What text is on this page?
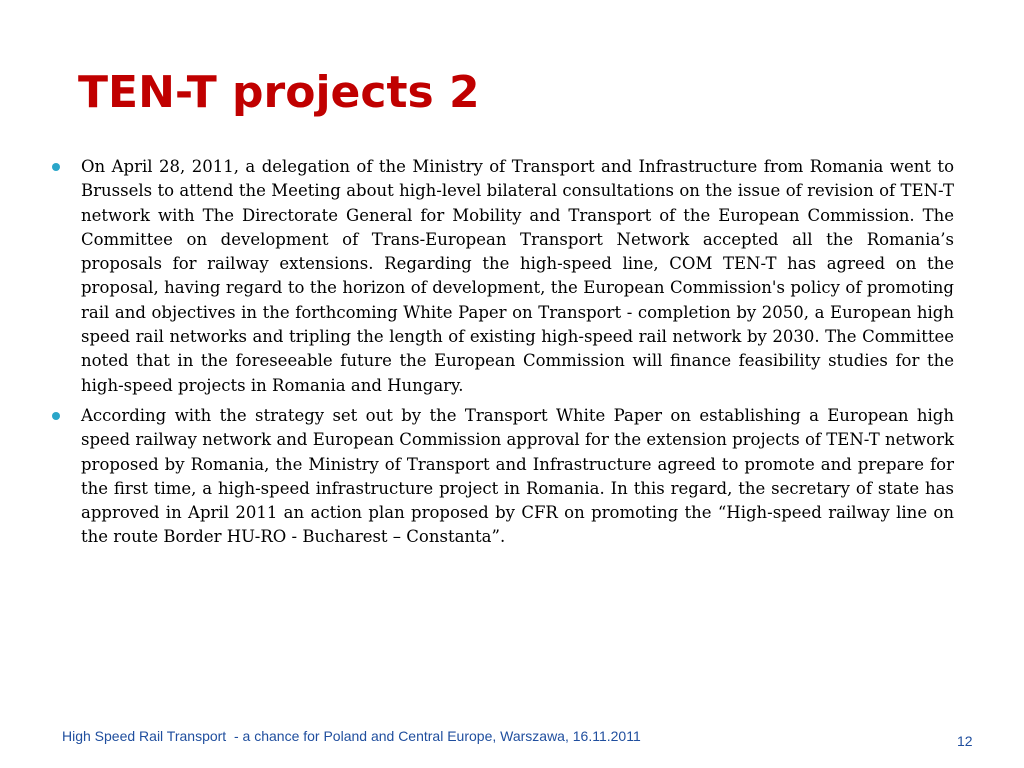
TEN-T projects 2
On April 28, 2011, a delegation of the Ministry of Transport and Infrastructure from Romania went to Brussels to attend the Meeting about high-level bilateral consultations on the issue of revision of TEN-T network with The Directorate General for Mobility and Transport of the European Commission. The Committee on development of Trans-European Transport Network accepted all the Romania’s proposals for railway extensions. Regarding the high-speed line, COM TEN-T has agreed on the proposal, having regard to the horizon of development, the European Commission's policy of promoting rail and objectives in the forthcoming White Paper on Transport - completion by 2050, a European high speed rail networks and tripling the length of existing high-speed rail network by 2030. The Committee noted that in the foreseeable future the European Commission will finance feasibility studies for the high-speed projects in Romania and Hungary.
According with the strategy set out by the Transport White Paper on establishing a European high speed railway network and European Commission approval for the extension projects of TEN-T network proposed by Romania, the Ministry of Transport and Infrastructure agreed to promote and prepare for the first time, a high-speed infrastructure project in Romania. In this regard, the secretary of state has approved in April 2011 an action plan proposed by CFR on promoting the “High-speed railway line on the route Border HU-RO - Bucharest – Constanta”.
High Speed Rail Transport  - a chance for Poland and Central Europe, Warszawa, 16.11.2011	12
